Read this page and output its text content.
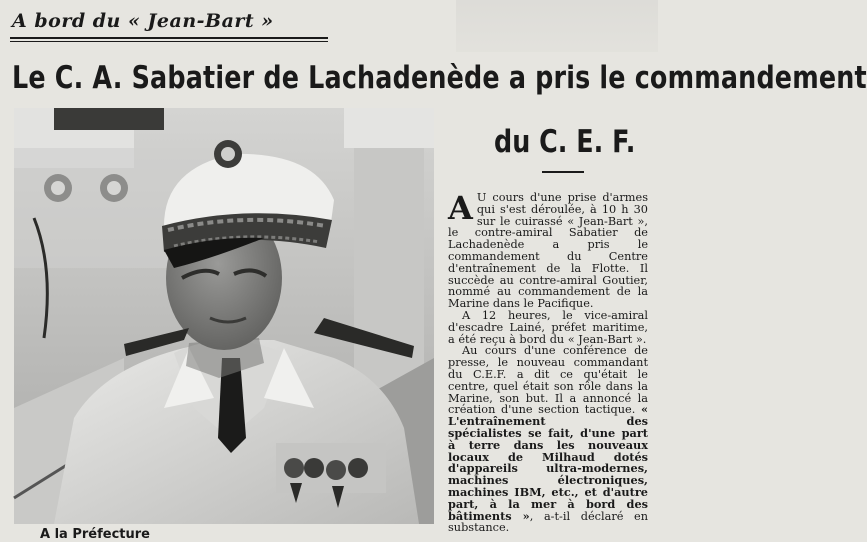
A bord du « Jean-Bart »
Le C. A. Sabatier de Lachadenède a pris le commandement
du C. E. F.
A la Préfecture

A U cours d'une prise d'armes qui s'est déroulée, à 10 h 30 sur le cuirassé « Jean-Bart », le contre-amiral Sabatier de Lachadenède a pris le commandement du Centre d'entraînement de la Flotte. Il succède au contre-amiral Goutier, nommé au commandement de la Marine dans le Pacifique.

A 12 heures, le vice-amiral d'escadre Lainé, préfet maritime, a été reçu à bord du « Jean-Bart ».

Au cours d'une conférence de presse, le nouveau commandant du C.E.F. a dit ce qu'était le centre, quel était son rôle dans la Marine, son but. Il a annoncé la création d'une section tactique. « L'entraînement des spécialistes se fait, d'une part à terre dans les nouveaux locaux de Milhaud dotés d'appareils ultra-modernes, machines électroniques, machines IBM, etc., et d'autre part, à la mer à bord des bâtiments », a-t-il déclaré en substance.
